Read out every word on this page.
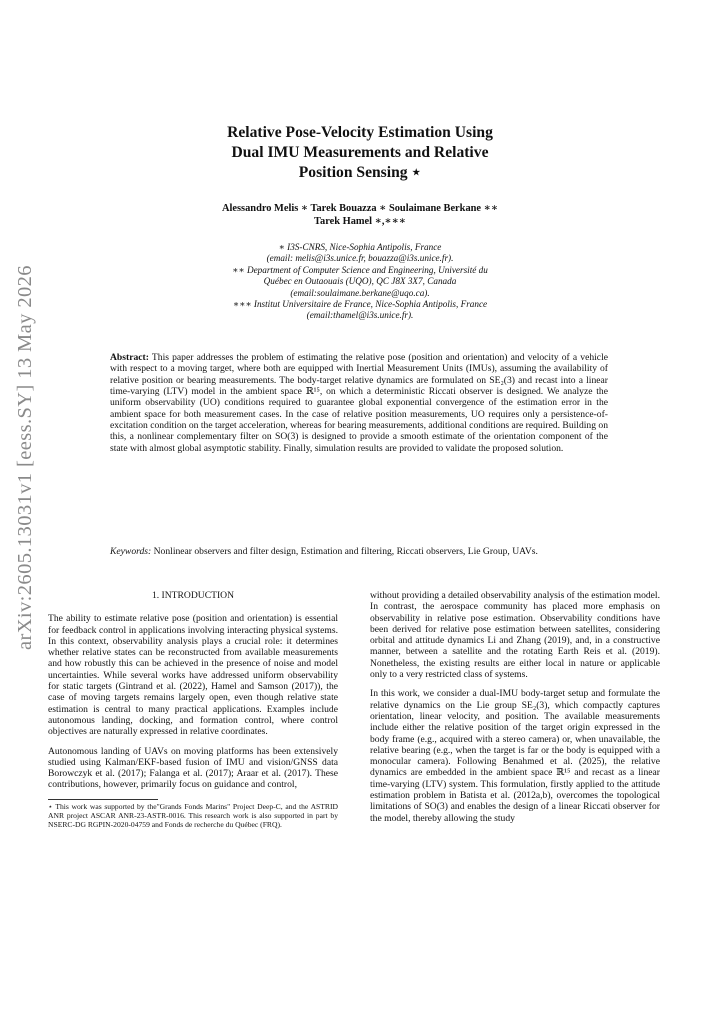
arXiv:2605.13031v1 [eess.SY] 13 May 2026
Relative Pose-Velocity Estimation Using
Dual IMU Measurements and Relative
Position Sensing ⋆
Alessandro Melis ∗ Tarek Bouazza ∗ Soulaimane Berkane ∗∗
Tarek Hamel ∗,∗∗∗
∗ I3S-CNRS, Nice-Sophia Antipolis, France
(email: melis@i3s.unice.fr, bouazza@i3s.unice.fr).
∗∗ Department of Computer Science and Engineering, Université du
Québec en Outaouais (UQO), QC J8X 3X7, Canada
(email:soulaimane.berkane@uqo.ca).
∗∗∗ Institut Universitaire de France, Nice-Sophia Antipolis, France
(email:thamel@i3s.unice.fr).
Abstract: This paper addresses the problem of estimating the relative pose (position and orientation) and velocity of a vehicle with respect to a moving target, where both are equipped with Inertial Measurement Units (IMUs), assuming the availability of relative position or bearing measurements. The body-target relative dynamics are formulated on SE₂(3) and recast into a linear time-varying (LTV) model in the ambient space ℝ¹⁵, on which a deterministic Riccati observer is designed. We analyze the uniform observability (UO) conditions required to guarantee global exponential convergence of the estimation error in the ambient space for both measurement cases. In the case of relative position measurements, UO requires only a persistence-of-excitation condition on the target acceleration, whereas for bearing measurements, additional conditions are required. Building on this, a nonlinear complementary filter on SO(3) is designed to provide a smooth estimate of the orientation component of the state with almost global asymptotic stability. Finally, simulation results are provided to validate the proposed solution.
Keywords: Nonlinear observers and filter design, Estimation and filtering, Riccati observers, Lie Group, UAVs.
1. INTRODUCTION

The ability to estimate relative pose (position and orientation) is essential for feedback control in applications involving interacting physical systems. In this context, observability analysis plays a crucial role: it determines whether relative states can be reconstructed from available measurements and how robustly this can be achieved in the presence of noise and model uncertainties. While several works have addressed uniform observability for static targets (Gintrand et al. (2022), Hamel and Samson (2017)), the case of moving targets remains largely open, even though relative state estimation is central to many practical applications. Examples include autonomous landing, docking, and formation control, where control objectives are naturally expressed in relative coordinates.

Autonomous landing of UAVs on moving platforms has been extensively studied using Kalman/EKF-based fusion of IMU and vision/GNSS data Borowczyk et al. (2017); Falanga et al. (2017); Araar et al. (2017). These contributions, however, primarily focus on guidance and control,

⋆ This work was supported by the"Grands Fonds Marins" Project Deep-C, and the ASTRID ANR project ASCAR ANR-23-ASTR-0016. This research work is also supported in part by NSERC-DG RGPIN-2020-04759 and Fonds de recherche du Québec (FRQ).

without providing a detailed observability analysis of the estimation model. In contrast, the aerospace community has placed more emphasis on observability in relative pose estimation. Observability conditions have been derived for relative pose estimation between satellites, considering orbital and attitude dynamics Li and Zhang (2019), and, in a constructive manner, between a satellite and the rotating Earth Reis et al. (2019). Nonetheless, the existing results are either local in nature or applicable only to a very restricted class of systems.

In this work, we consider a dual-IMU body-target setup and formulate the relative dynamics on the Lie group SE₂(3), which compactly captures orientation, linear velocity, and position. The available measurements include either the relative position of the target origin expressed in the body frame (e.g., acquired with a stereo camera) or, when unavailable, the relative bearing (e.g., when the target is far or the body is equipped with a monocular camera). Following Benahmed et al. (2025), the relative dynamics are embedded in the ambient space ℝ¹⁵ and recast as a linear time-varying (LTV) system. This formulation, firstly applied to the attitude estimation problem in Batista et al. (2012a,b), overcomes the topological limitations of SO(3) and enables the design of a linear Riccati observer for the model, thereby allowing the study
